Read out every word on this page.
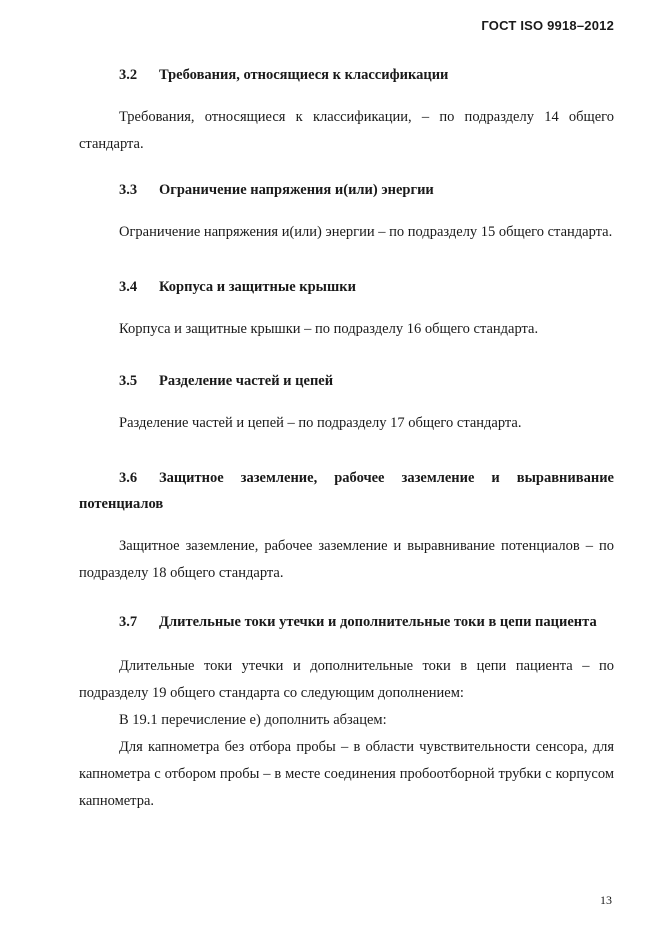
ГОСТ ISO 9918–2012

3.2 Требования, относящиеся к классификации

Требования, относящиеся к классификации, – по подразделу 14 общего стандарта.

3.3 Ограничение напряжения и(или) энергии

Ограничение напряжения и(или) энергии – по подразделу 15 общего стандарта.

3.4 Корпуса и защитные крышки

Корпуса и защитные крышки – по подразделу 16 общего стандарта.

3.5 Разделение частей и цепей

Разделение частей и цепей – по подразделу 17 общего стандарта.

3.6 Защитное заземление, рабочее заземление и выравнивание потенциалов

Защитное заземление, рабочее заземление и выравнивание потенциалов – по подразделу 18 общего стандарта.

3.7 Длительные токи утечки и дополнительные токи в цепи пациента

Длительные токи утечки и дополнительные токи в цепи пациента – по подразделу 19 общего стандарта со следующим дополнением:

В 19.1 перечисление е) дополнить абзацем:

Для капнометра без отбора пробы – в области чувствительности сенсора, для капнометра с отбором пробы – в месте соединения пробоотборной трубки с корпусом капнометра.

13
